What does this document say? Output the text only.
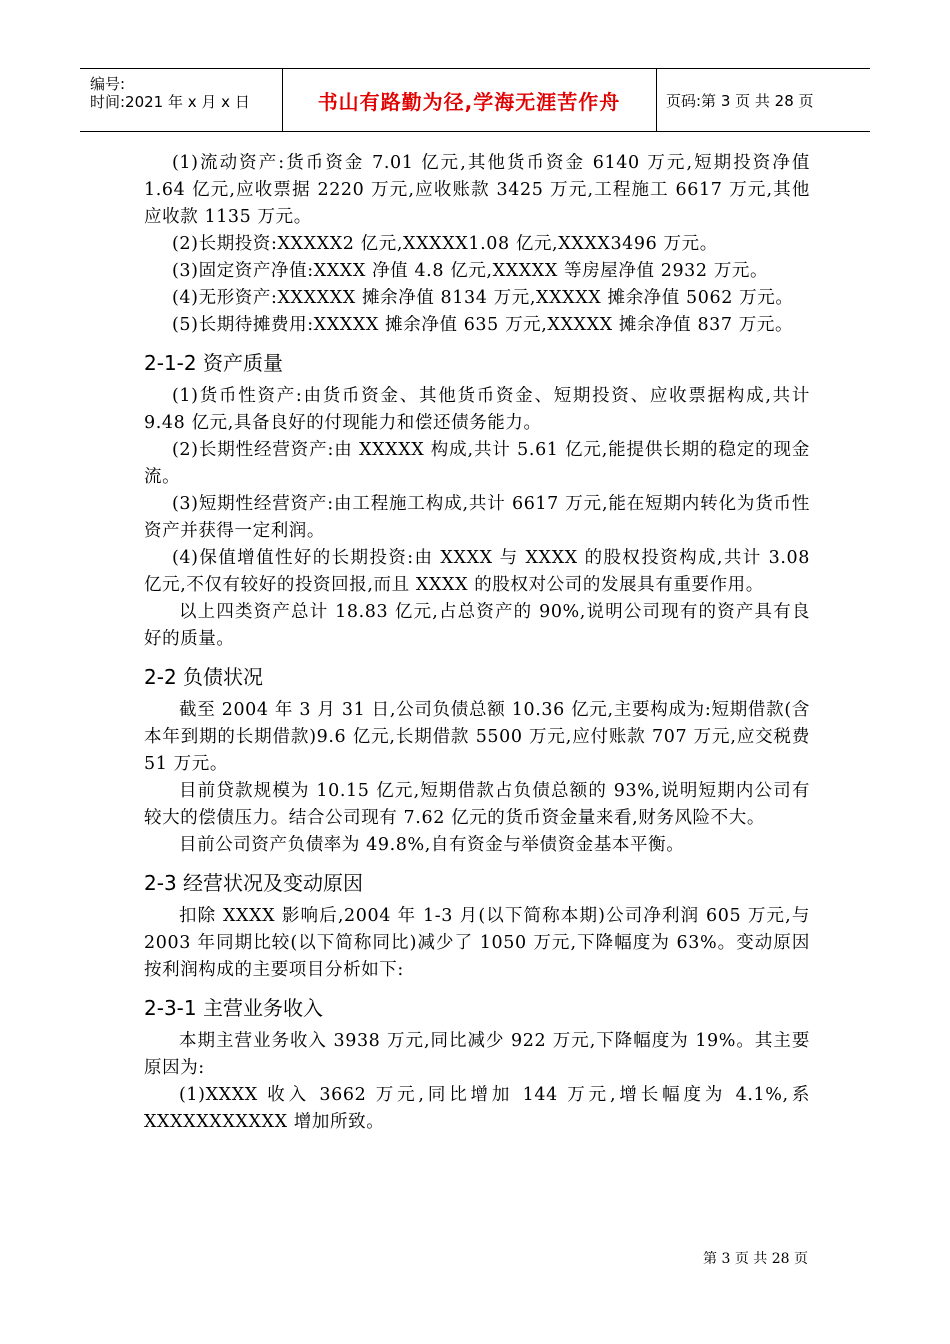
编号:
时间:2021 年 x 月 x 日	书山有路勤为径,学海无涯苦作舟	页码:第 3 页 共 28 页

(1)流动资产:货币资金 7.01 亿元,其他货币资金 6140 万元,短期投资净值 1.64 亿元,应收票据 2220 万元,应收账款 3425 万元,工程施工 6617 万元,其他应收款 1135 万元。

(2)长期投资:XXXXX2 亿元,XXXXX1.08 亿元,XXXX3496 万元。

(3)固定资产净值:XXXX 净值 4.8 亿元,XXXXX 等房屋净值 2932 万元。

(4)无形资产:XXXXXX 摊余净值 8134 万元,XXXXX 摊余净值 5062 万元。

(5)长期待摊费用:XXXXX 摊余净值 635 万元,XXXXX 摊余净值 837 万元。

2-1-2 资产质量

(1)货币性资产:由货币资金、其他货币资金、短期投资、应收票据构成,共计 9.48 亿元,具备良好的付现能力和偿还债务能力。

(2)长期性经营资产:由 XXXXX 构成,共计 5.61 亿元,能提供长期的稳定的现金流。

(3)短期性经营资产:由工程施工构成,共计 6617 万元,能在短期内转化为货币性资产并获得一定利润。

(4)保值增值性好的长期投资:由 XXXX 与 XXXX 的股权投资构成,共计 3.08 亿元,不仅有较好的投资回报,而且 XXXX 的股权对公司的发展具有重要作用。

以上四类资产总计 18.83 亿元,占总资产的 90%,说明公司现有的资产具有良好的质量。

2-2 负债状况

截至 2004 年 3 月 31 日,公司负债总额 10.36 亿元,主要构成为:短期借款(含本年到期的长期借款)9.6 亿元,长期借款 5500 万元,应付账款 707 万元,应交税费 51 万元。

目前贷款规模为 10.15 亿元,短期借款占负债总额的 93%,说明短期内公司有较大的偿债压力。结合公司现有 7.62 亿元的货币资金量来看,财务风险不大。

目前公司资产负债率为 49.8%,自有资金与举债资金基本平衡。

2-3 经营状况及变动原因

扣除 XXXX 影响后,2004 年 1-3 月(以下简称本期)公司净利润 605 万元,与 2003 年同期比较(以下简称同比)减少了 1050 万元,下降幅度为 63%。变动原因按利润构成的主要项目分析如下:

2-3-1 主营业务收入

本期主营业务收入 3938 万元,同比减少 922 万元,下降幅度为 19%。其主要原因为:

(1)XXXX 收入 3662 万元,同比增加 144 万元,增长幅度为 4.1%,系 XXXXXXXXXXX 增加所致。

第 3 页 共 28 页
